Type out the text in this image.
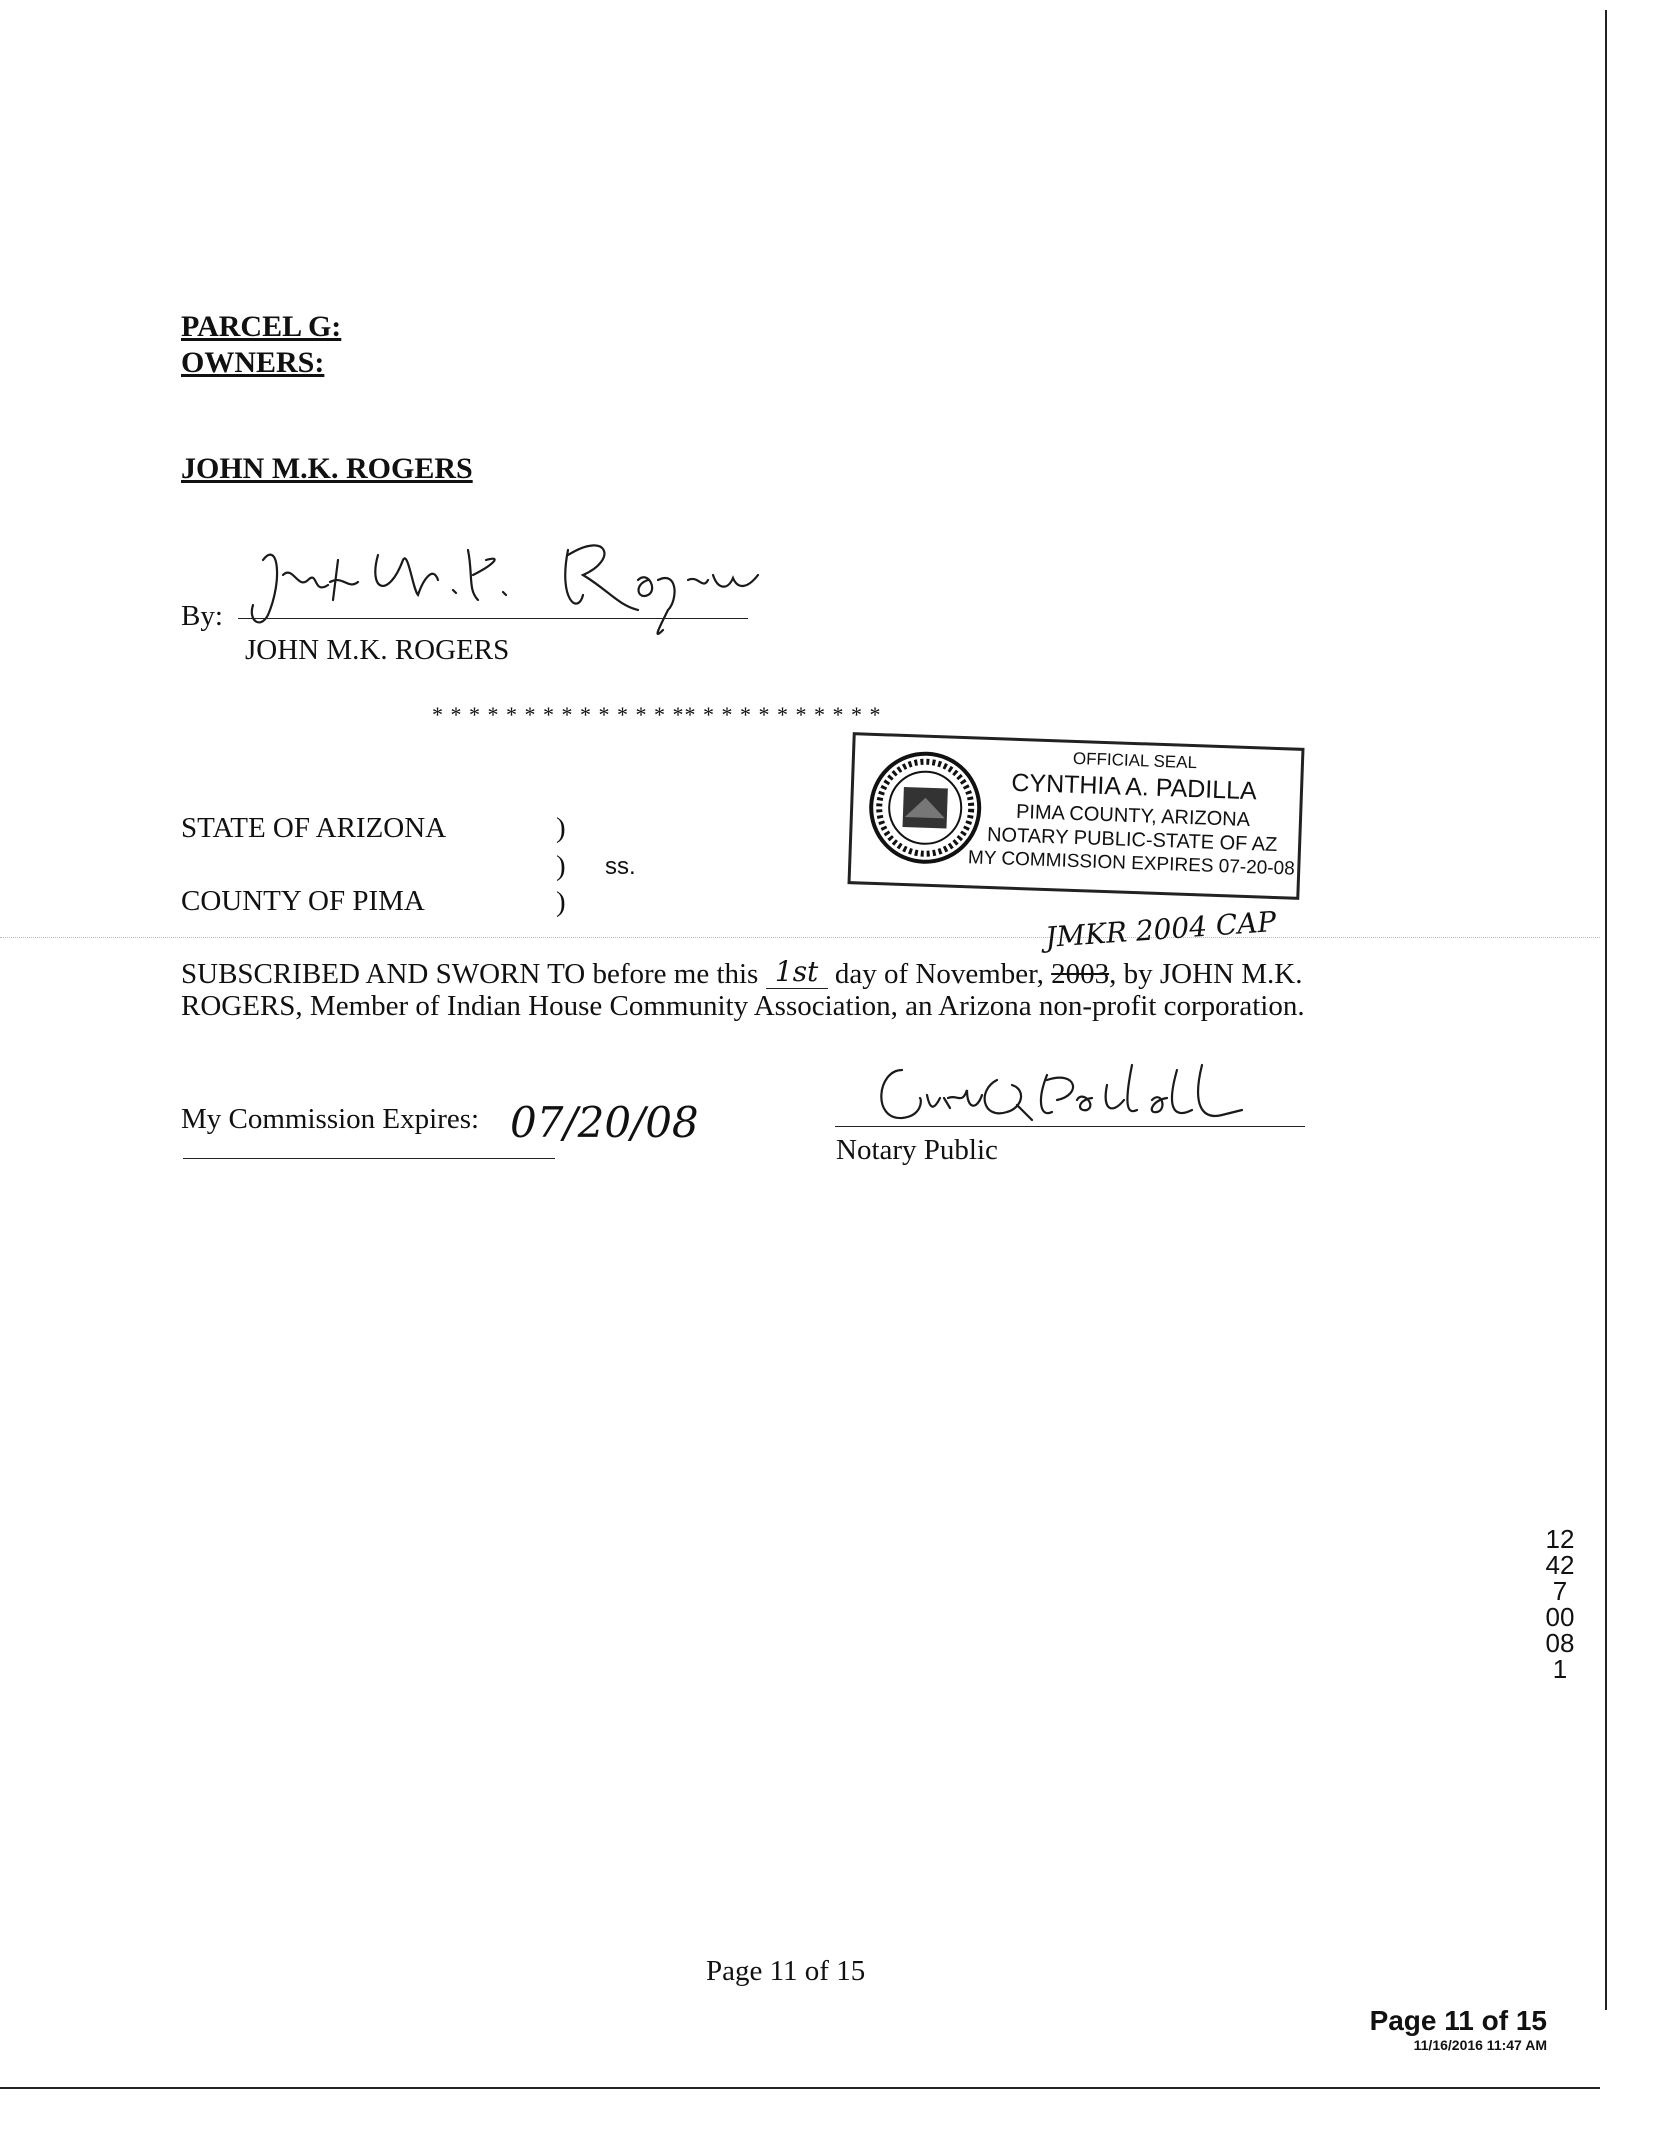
PARCEL G:
OWNERS:
JOHN M.K. ROGERS
By:
JOHN M.K. ROGERS
* * * * * * * * * * * * * ** * * * * * * * * * *
STATE OF ARIZONA
COUNTY OF PIMA
)
)
)
ss.
OFFICIAL SEAL
CYNTHIA A. PADILLA
PIMA COUNTY, ARIZONA
NOTARY PUBLIC-STATE OF AZ
MY COMMISSION EXPIRES 07-20-08
JMKR 2004 CAP
SUBSCRIBED AND SWORN TO before me this 1st day of November, 2003, by JOHN M.K.
ROGERS, Member of Indian House Community Association, an Arizona non-profit corporation.
My Commission Expires: 07/20/08
Notary Public
12427 00081
Page 11 of 15
Page 11 of 15
11/16/2016 11:47 AM
